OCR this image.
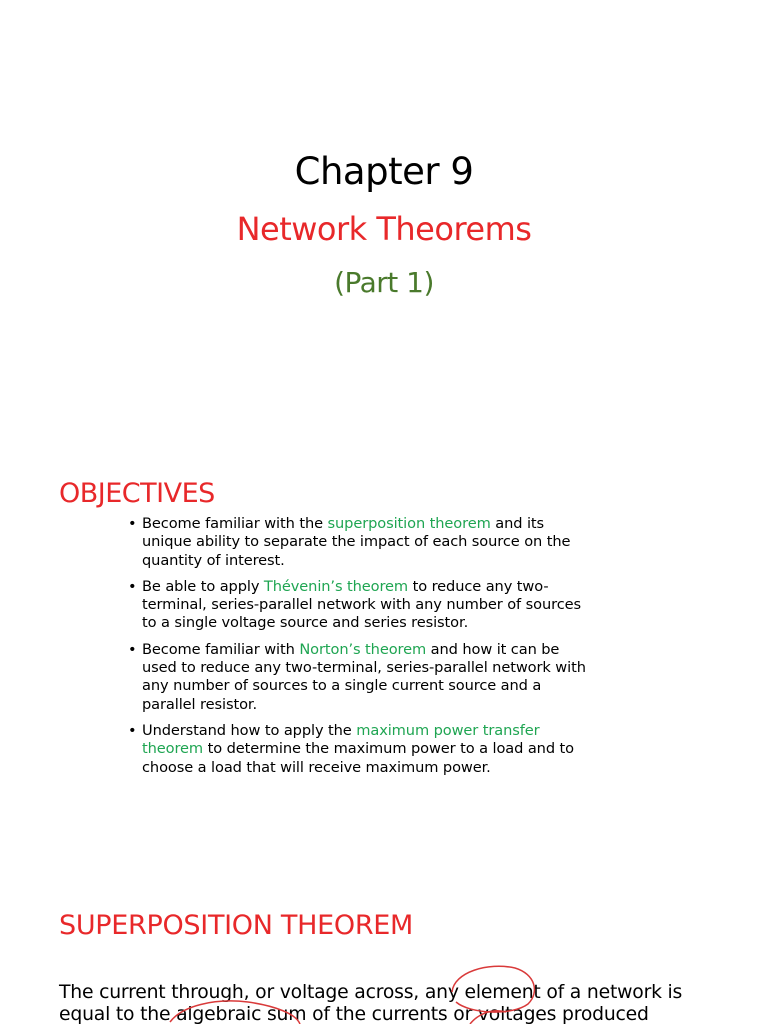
Chapter 9
Network Theorems
(Part 1)
OBJECTIVES
• Become familiar with the superposition theorem and its unique ability to separate the impact of each source on the quantity of interest.
• Be able to apply Thévenin’s theorem to reduce any two-terminal, series-parallel network with any number of sources to a single voltage source and series resistor.
• Become familiar with Norton’s theorem and how it can be used to reduce any two-terminal, series-parallel network with any number of sources to a single current source and a parallel resistor.
• Understand how to apply the maximum power transfer theorem to determine the maximum power to a load and to choose a load that will receive maximum power.
SUPERPOSITION THEOREM
The current through, or voltage across, any element of a network is equal to the algebraic sum of the currents or voltages produced
